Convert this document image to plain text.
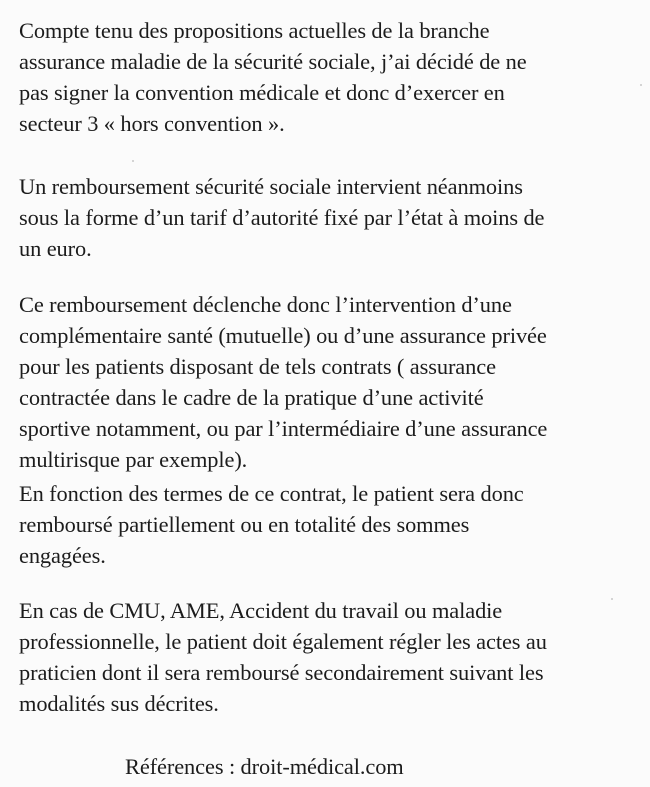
Compte tenu des propositions actuelles de la branche
assurance maladie de la sécurité sociale, j’ai décidé de ne
pas signer la convention médicale et donc d’exercer en
secteur 3 « hors convention ».

Un remboursement sécurité sociale intervient néanmoins
sous la forme d’un tarif d’autorité fixé par l’état à moins de
un euro.

Ce remboursement déclenche donc l’intervention d’une
complémentaire santé (mutuelle) ou d’une assurance privée
pour les patients disposant de tels contrats ( assurance
contractée dans le cadre de la pratique d’une activité
sportive notamment, ou par l’intermédiaire d’une assurance
multirisque par exemple).

En fonction des termes de ce contrat, le patient sera donc
remboursé partiellement ou en totalité des sommes
engagées.

En cas de CMU, AME, Accident du travail ou maladie
professionnelle, le patient doit également régler les actes au
praticien dont il sera remboursé secondairement suivant les
modalités sus décrites.

Références : droit-médical.com
